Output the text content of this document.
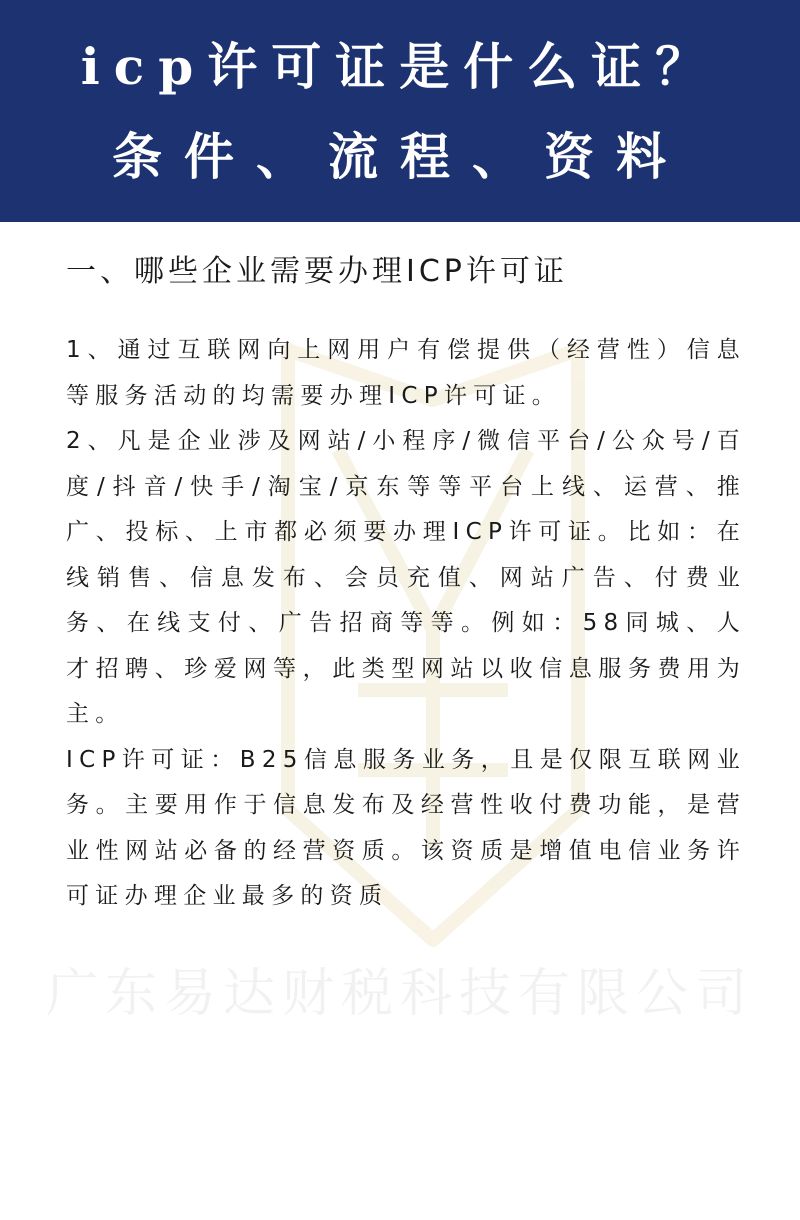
icp许可证是什么证？
条件、流程、资料
广东易达财税科技有限公司
一、哪些企业需要办理ICP许可证

1、通过互联网向上网用户有偿提供（经营性）信息等服务活动的均需要办理ICP许可证。

2、凡是企业涉及网站/小程序/微信平台/公众号/百度/抖音/快手/淘宝/京东等等平台上线、运营、推广、投标、上市都必须要办理ICP许可证。比如：在线销售、信息发布、会员充值、网站广告、付费业务、在线支付、广告招商等等。例如：58同城、人才招聘、珍爱网等，此类型网站以收信息服务费用为主。

ICP许可证：B25信息服务业务，且是仅限互联网业务。主要用作于信息发布及经营性收付费功能，是营业性网站必备的经营资质。该资质是增值电信业务许可证办理企业最多的资质
